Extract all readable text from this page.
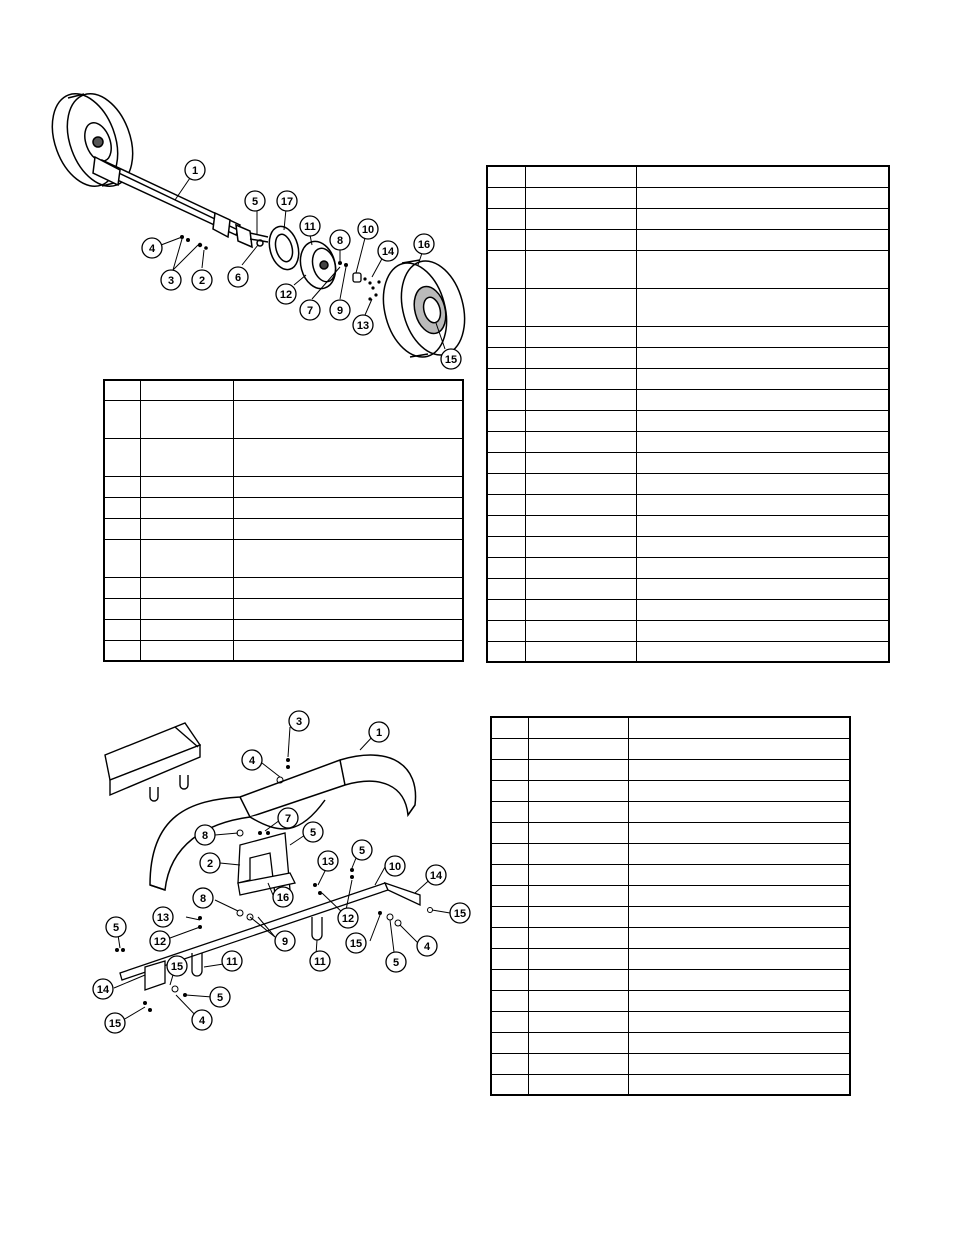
1
2
3
4
5
6
7
8
9
10
11
12
13
14
15
16
17

1
2
3
4
4
4
5
5
5
5
5
7
8
8
9
10
11	11
12
12
13
13
14
14
15
15
15
15
16
